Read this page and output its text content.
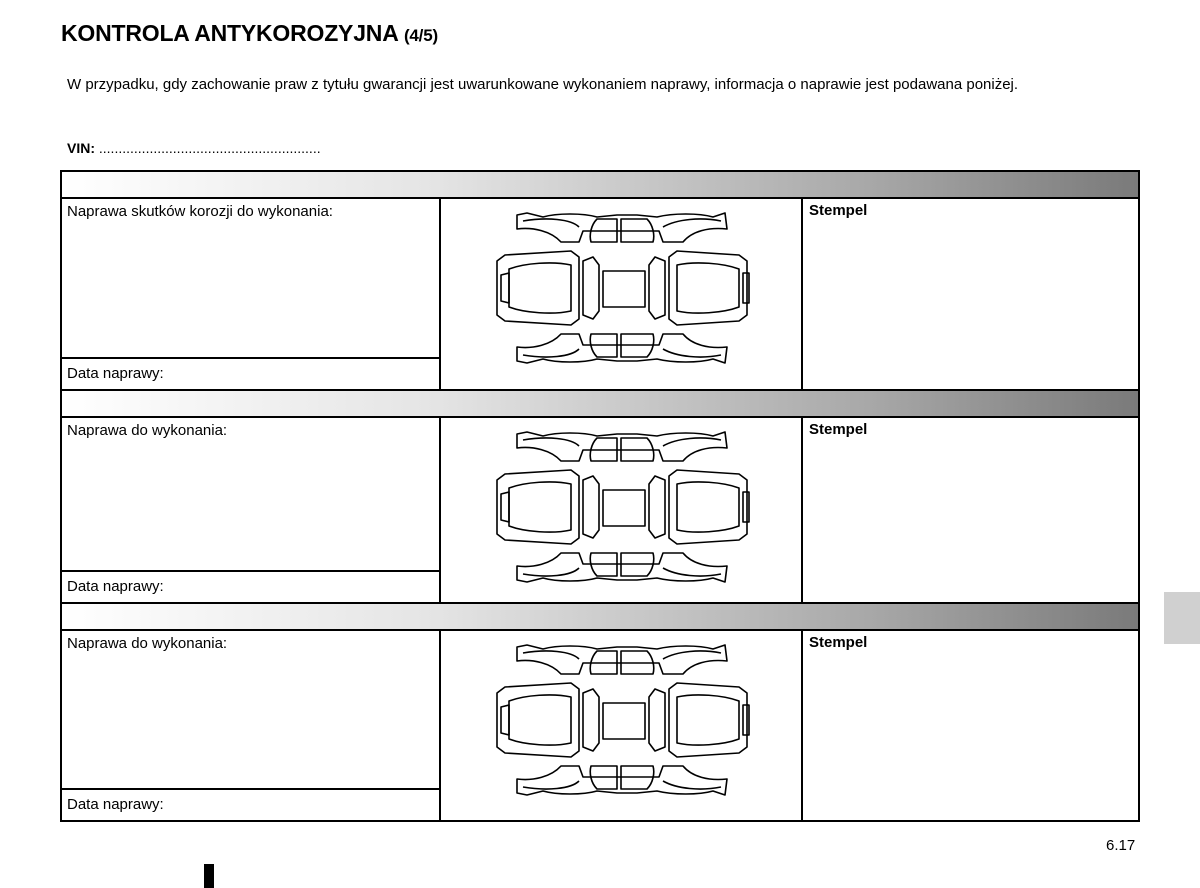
KONTROLA ANTYKOROZYJNA (4/5)
W przypadku, gdy zachowanie praw z tytułu gwarancji jest uwarunkowane wykonaniem naprawy, informacja o naprawie jest podawana poniżej.
VIN: .........................................................
Naprawa skutków korozji do wykonania:
Data naprawy:
Stempel
Naprawa do wykonania:
Data naprawy:
Stempel
Naprawa do wykonania:
Data naprawy:
Stempel
6.17
